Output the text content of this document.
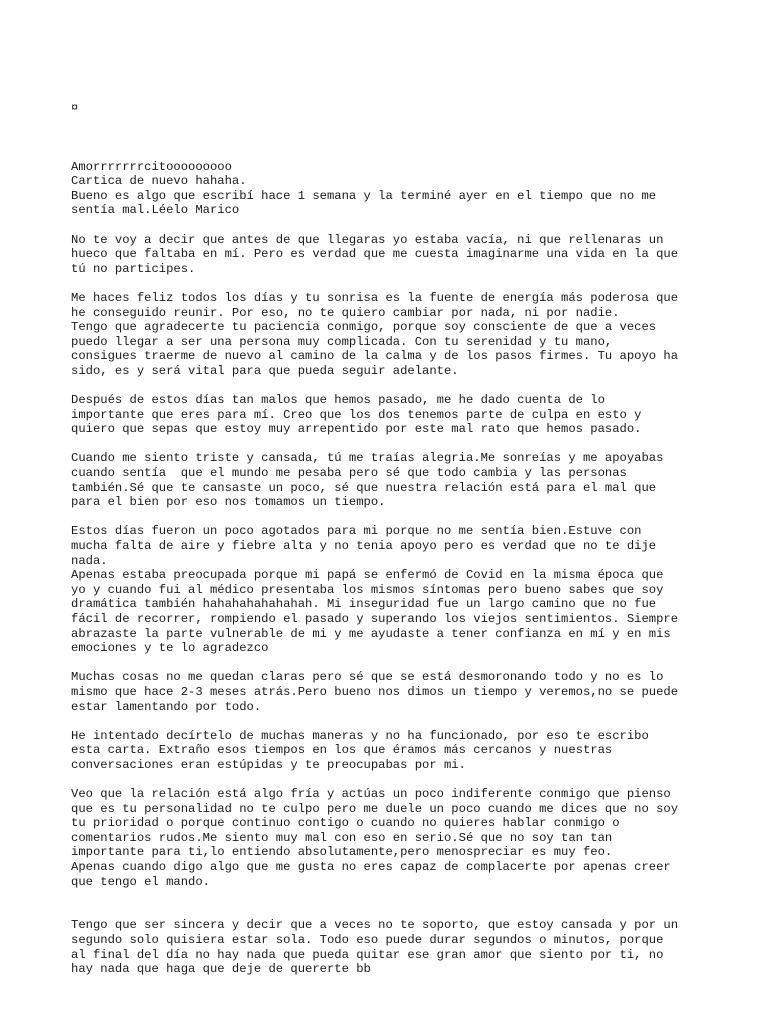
¤

Amorrrrrrrcitooooooooo
Cartica de nuevo hahaha.
Bueno es algo que escribí hace 1 semana y la terminé ayer en el tiempo que no me
sentía mal.Léelo Marico
No te voy a decir que antes de que llegaras yo estaba vacía, ni que rellenaras un
hueco que faltaba en mí. Pero es verdad que me cuesta imaginarme una vida en la que
tú no participes.
Me haces feliz todos los días y tu sonrisa es la fuente de energía más poderosa que
he conseguido reunir. Por eso, no te quiero cambiar por nada, ni por nadie.
Tengo que agradecerte tu paciencia conmigo, porque soy consciente de que a veces
puedo llegar a ser una persona muy complicada. Con tu serenidad y tu mano,
consigues traerme de nuevo al camino de la calma y de los pasos firmes. Tu apoyo ha
sido, es y será vital para que pueda seguir adelante.
Después de estos días tan malos que hemos pasado, me he dado cuenta de lo
importante que eres para mí. Creo que los dos tenemos parte de culpa en esto y
quiero que sepas que estoy muy arrepentido por este mal rato que hemos pasado.
Cuando me siento triste y cansada, tú me traías alegria.Me sonreías y me apoyabas
cuando sentía  que el mundo me pesaba pero sé que todo cambia y las personas
también.Sé que te cansaste un poco, sé que nuestra relación está para el mal que
para el bien por eso nos tomamos un tiempo.
Estos días fueron un poco agotados para mi porque no me sentía bien.Estuve con
mucha falta de aire y fiebre alta y no tenia apoyo pero es verdad que no te dije
nada.
Apenas estaba preocupada porque mi papá se enfermó de Covid en la misma época que
yo y cuando fui al médico presentaba los mismos síntomas pero bueno sabes que soy
dramática también hahahahahahahah. Mi inseguridad fue un largo camino que no fue
fácil de recorrer, rompiendo el pasado y superando los viejos sentimientos. Siempre
abrazaste la parte vulnerable de mi y me ayudaste a tener confianza en mí y en mis
emociones y te lo agradezco
Muchas cosas no me quedan claras pero sé que se está desmoronando todo y no es lo
mismo que hace 2-3 meses atrás.Pero bueno nos dimos un tiempo y veremos,no se puede
estar lamentando por todo.
He intentado decírtelo de muchas maneras y no ha funcionado, por eso te escribo
esta carta. Extraño esos tiempos en los que éramos más cercanos y nuestras
conversaciones eran estúpidas y te preocupabas por mi.
Veo que la relación está algo fría y actúas un poco indiferente conmigo que pienso
que es tu personalidad no te culpo pero me duele un poco cuando me dices que no soy
tu prioridad o porque continuo contigo o cuando no quieres hablar conmigo o
comentarios rudos.Me siento muy mal con eso en serio.Sé que no soy tan tan
importante para ti,lo entiendo absolutamente,pero menospreciar es muy feo.
Apenas cuando digo algo que me gusta no eres capaz de complacerte por apenas creer
que tengo el mando.
Tengo que ser sincera y decir que a veces no te soporto, que estoy cansada y por un
segundo solo quisiera estar sola. Todo eso puede durar segundos o minutos, porque
al final del día no hay nada que pueda quitar ese gran amor que siento por ti, no
hay nada que haga que deje de quererte bb
